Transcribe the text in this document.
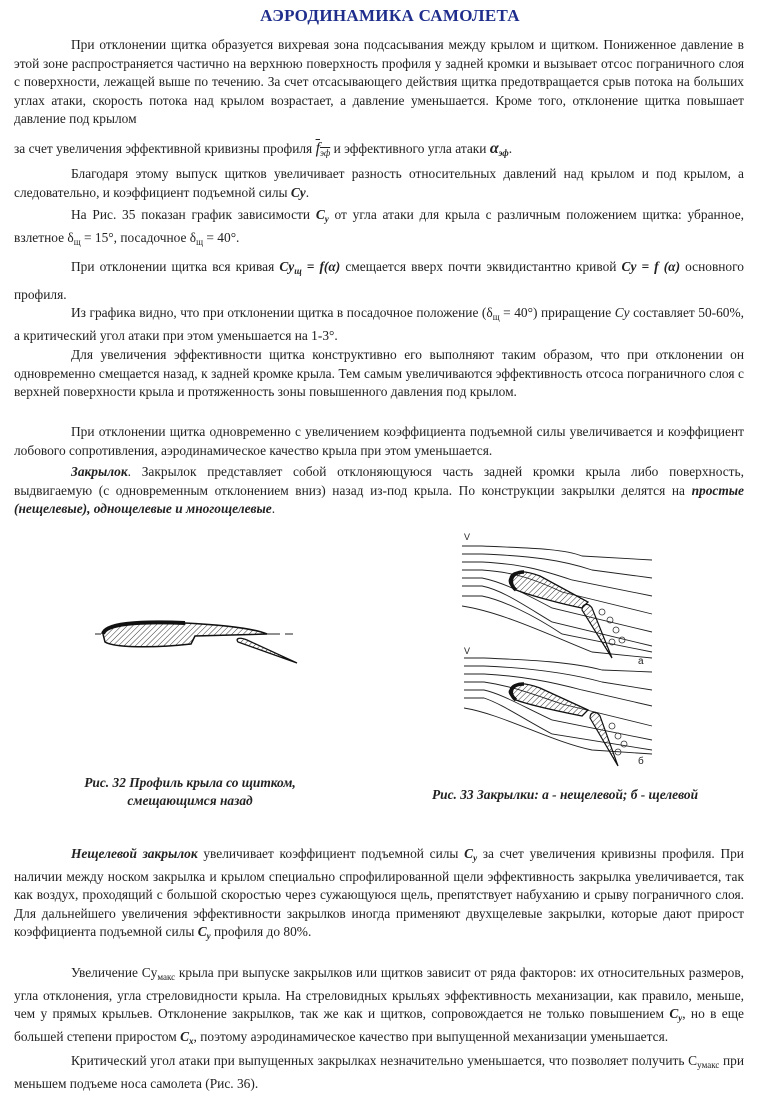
АЭРОДИНАМИКА САМОЛЕТА

При отклонении щитка образуется вихревая зона подсасывания между крылом и щитком. Пониженное давление в этой зоне распространяется частично на верхнюю поверхность профиля у задней кромки и вызывает отсос пограничного слоя с поверхности, лежащей выше по течению. За счет отсасывающего действия щитка предотвращается срыв потока на больших углах атаки, скорость потока над крылом возрастает, а давление уменьшается. Кроме того, отклонение щитка повышает давление под крылом

за счет увеличения эффективной кривизны профиля $f_{эф}$ и эффективного угла атаки $\alpha_{эф}$.

Благодаря этому выпуск щитков увеличивает разность относительных давлений над крылом и под крылом, а следовательно, и коэффициент подъемной силы Cy.

На Рис. 35 показан график зависимости $C_y$ от угла атаки для крыла с различным положением щитка: убранное, взлетное $\delta_щ = 15^\circ$, посадочное $\delta_щ = 40^\circ$.

При отклонении щитка вся кривая $Cy_щ = f(\alpha)$ смещается вверх почти эквидистантно кривой Cy = f (α) основного профиля.

Из графика видно, что при отклонении щитка в посадочное положение $(\delta_щ = 40^\circ)$ приращение Cy составляет 50-60%, а критический угол атаки при этом уменьшается на 1-3°.

Для увеличения эффективности щитка конструктивно его выполняют таким образом, что при отклонении он одновременно смещается назад, к задней кромке крыла. Тем самым увеличиваются эффективность отсоса пограничного слоя с верхней поверхности крыла и протяженность зоны повышенного давления под крылом.

При отклонении щитка одновременно с увеличением коэффициента подъемной силы увеличивается и коэффициент лобового сопротивления, аэродинамическое качество крыла при этом уменьшается.

Закрылок. Закрылок представляет собой отклоняющуюся часть задней кромки крыла либо поверхность, выдвигаемую (с одновременным отклонением вниз) назад из-под крыла. По конструкции закрылки делятся на простые (нещелевые), однощелевые и многощелевые.

Рис. 32 Профиль крыла со щитком,
смещающимся назад
V
V
а
б
Рис. 33 Закрылки: а - нещелевой; б - щелевой

Нещелевой закрылок увеличивает коэффициент подъемной силы $C_y$ за счет увеличения кривизны профиля. При наличии между носком закрылка и крылом специально спрофилированной щели эффективность закрылка увеличивается, так как воздух, проходящий с большой скоростью через сужающуюся щель, препятствует набуханию и срыву пограничного слоя. Для дальнейшего увеличения эффективности закрылков иногда применяют двухщелевые закрылки, которые дают прирост коэффициента подъемной силы $C_y$ профиля до 80%.

Увеличение $Cy_{макс}$ крыла при выпуске закрылков или щитков зависит от ряда факторов: их относительных размеров, угла отклонения, угла стреловидности крыла. На стреловидных крыльях эффективность механизации, как правило, меньше, чем у прямых крыльев. Отклонение закрылков, так же как и щитков, сопровождается не только повышением $C_y$, но в еще большей степени приростом $C_x$, поэтому аэродинамическое качество при выпущенной механизации уменьшается.

Критический угол атаки при выпущенных закрылках незначительно уменьшается, что позволяет получить $C_{yмакс}$ при меньшем подъеме носа самолета (Рис. 36).
